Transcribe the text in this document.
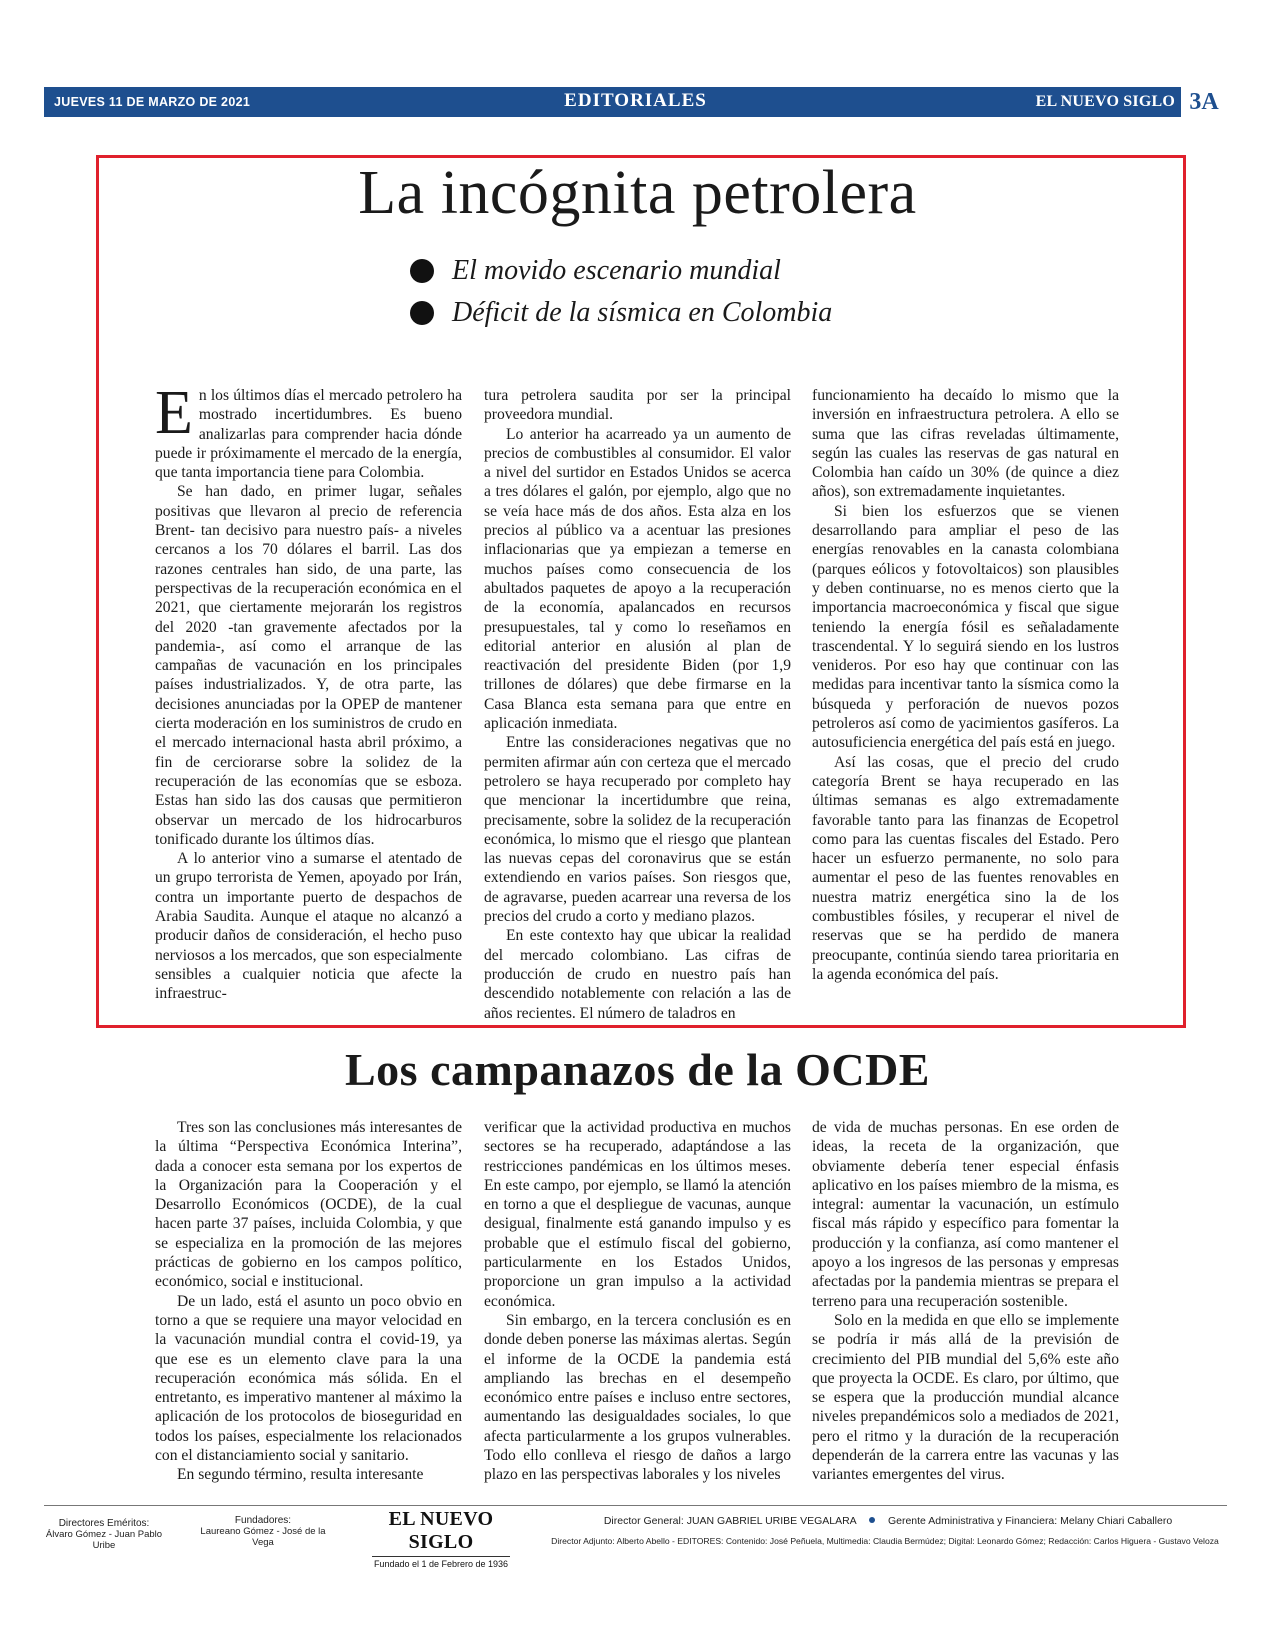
JUEVES 11 DE MARZO DE 2021	EDITORIALES	EL NUEVO SIGLO 3A
La incógnita petrolera
El movido escenario mundial
Déficit de la sísmica en Colombia

En los últimos días el mercado petrolero ha mostrado incertidumbres. Es bueno analizarlas para comprender hacia dónde puede ir próximamente el mercado de la energía, que tanta importancia tiene para Colombia.

Se han dado, en primer lugar, señales positivas que llevaron al precio de referencia Brent- tan decisivo para nuestro país- a niveles cercanos a los 70 dólares el barril. Las dos razones centrales han sido, de una parte, las perspectivas de la recuperación económica en el 2021, que ciertamente mejorarán los registros del 2020 -tan gravemente afectados por la pandemia-, así como el arranque de las campañas de vacunación en los principales países industrializados. Y, de otra parte, las decisiones anunciadas por la OPEP de mantener cierta moderación en los suministros de crudo en el mercado internacional hasta abril próximo, a fin de cerciorarse sobre la solidez de la recuperación de las economías que se esboza. Estas han sido las dos causas que permitieron observar un mercado de los hidrocarburos tonificado durante los últimos días.

A lo anterior vino a sumarse el atentado de un grupo terrorista de Yemen, apoyado por Irán, contra un importante puerto de despachos de Arabia Saudita. Aunque el ataque no alcanzó a producir daños de consideración, el hecho puso nerviosos a los mercados, que son especialmente sensibles a cualquier noticia que afecte la infraestruc-

tura petrolera saudita por ser la principal proveedora mundial.

Lo anterior ha acarreado ya un aumento de precios de combustibles al consumidor. El valor a nivel del surtidor en Estados Unidos se acerca a tres dólares el galón, por ejemplo, algo que no se veía hace más de dos años. Esta alza en los precios al público va a acentuar las presiones inflacionarias que ya empiezan a temerse en muchos países como consecuencia de los abultados paquetes de apoyo a la recuperación de la economía, apalancados en recursos presupuestales, tal y como lo reseñamos en editorial anterior en alusión al plan de reactivación del presidente Biden (por 1,9 trillones de dólares) que debe firmarse en la Casa Blanca esta semana para que entre en aplicación inmediata.

Entre las consideraciones negativas que no permiten afirmar aún con certeza que el mercado petrolero se haya recuperado por completo hay que mencionar la incertidumbre que reina, precisamente, sobre la solidez de la recuperación económica, lo mismo que el riesgo que plantean las nuevas cepas del coronavirus que se están extendiendo en varios países. Son riesgos que, de agravarse, pueden acarrear una reversa de los precios del crudo a corto y mediano plazos.

En este contexto hay que ubicar la realidad del mercado colombiano. Las cifras de producción de crudo en nuestro país han descendido notablemente con relación a las de años recientes. El número de taladros en

funcionamiento ha decaído lo mismo que la inversión en infraestructura petrolera. A ello se suma que las cifras reveladas últimamente, según las cuales las reservas de gas natural en Colombia han caído un 30% (de quince a diez años), son extremadamente inquietantes.

Si bien los esfuerzos que se vienen desarrollando para ampliar el peso de las energías renovables en la canasta colombiana (parques eólicos y fotovoltaicos) son plausibles y deben continuarse, no es menos cierto que la importancia macroeconómica y fiscal que sigue teniendo la energía fósil es señaladamente trascendental. Y lo seguirá siendo en los lustros venideros. Por eso hay que continuar con las medidas para incentivar tanto la sísmica como la búsqueda y perforación de nuevos pozos petroleros así como de yacimientos gasíferos. La autosuficiencia energética del país está en juego.

Así las cosas, que el precio del crudo categoría Brent se haya recuperado en las últimas semanas es algo extremadamente favorable tanto para las finanzas de Ecopetrol como para las cuentas fiscales del Estado. Pero hacer un esfuerzo permanente, no solo para aumentar el peso de las fuentes renovables en nuestra matriz energética sino la de los combustibles fósiles, y recuperar el nivel de reservas que se ha perdido de manera preocupante, continúa siendo tarea prioritaria en la agenda económica del país.

Los campanazos de la OCDE

Tres son las conclusiones más interesantes de la última “Perspectiva Económica Interina”, dada a conocer esta semana por los expertos de la Organización para la Cooperación y el Desarrollo Económicos (OCDE), de la cual hacen parte 37 países, incluida Colombia, y que se especializa en la promoción de las mejores prácticas de gobierno en los campos político, económico, social e institucional.

De un lado, está el asunto un poco obvio en torno a que se requiere una mayor velocidad en la vacunación mundial contra el covid-19, ya que ese es un elemento clave para la una recuperación económica más sólida. En el entretanto, es imperativo mantener al máximo la aplicación de los protocolos de bioseguridad en todos los países, especialmente los relacionados con el distanciamiento social y sanitario.

En segundo término, resulta interesante

verificar que la actividad productiva en muchos sectores se ha recuperado, adaptándose a las restricciones pandémicas en los últimos meses. En este campo, por ejemplo, se llamó la atención en torno a que el despliegue de vacunas, aunque desigual, finalmente está ganando impulso y es probable que el estímulo fiscal del gobierno, particularmente en los Estados Unidos, proporcione un gran impulso a la actividad económica.

Sin embargo, en la tercera conclusión es en donde deben ponerse las máximas alertas. Según el informe de la OCDE la pandemia está ampliando las brechas en el desempeño económico entre países e incluso entre sectores, aumentando las desigualdades sociales, lo que afecta particularmente a los grupos vulnerables. Todo ello conlleva el riesgo de daños a largo plazo en las perspectivas laborales y los niveles

de vida de muchas personas. En ese orden de ideas, la receta de la organización, que obviamente debería tener especial énfasis aplicativo en los países miembro de la misma, es integral: aumentar la vacunación, un estímulo fiscal más rápido y específico para fomentar la producción y la confianza, así como mantener el apoyo a los ingresos de las personas y empresas afectadas por la pandemia mientras se prepara el terreno para una recuperación sostenible.

Solo en la medida en que ello se implemente se podría ir más allá de la previsión de crecimiento del PIB mundial del 5,6% este año que proyecta la OCDE. Es claro, por último, que se espera que la producción mundial alcance niveles prepandémicos solo a mediados de 2021, pero el ritmo y la duración de la recuperación dependerán de la carrera entre las vacunas y las variantes emergentes del virus.

Directores Eméritos:
Álvaro Gómez - Juan Pablo Uribe
Fundadores:
Laureano Gómez - José de la Vega
EL NUEVO SIGLO
Fundado el 1 de Febrero de 1936
Director General: JUAN GABRIEL URIBE VEGALARA	Gerente Administrativa y Financiera: Melany Chiari Caballero
Director Adjunto: Alberto Abello - EDITORES: Contenido: José Peñuela, Multimedia: Claudia Bermúdez; Digital: Leonardo Gómez; Redacción: Carlos Higuera - Gustavo Veloza
